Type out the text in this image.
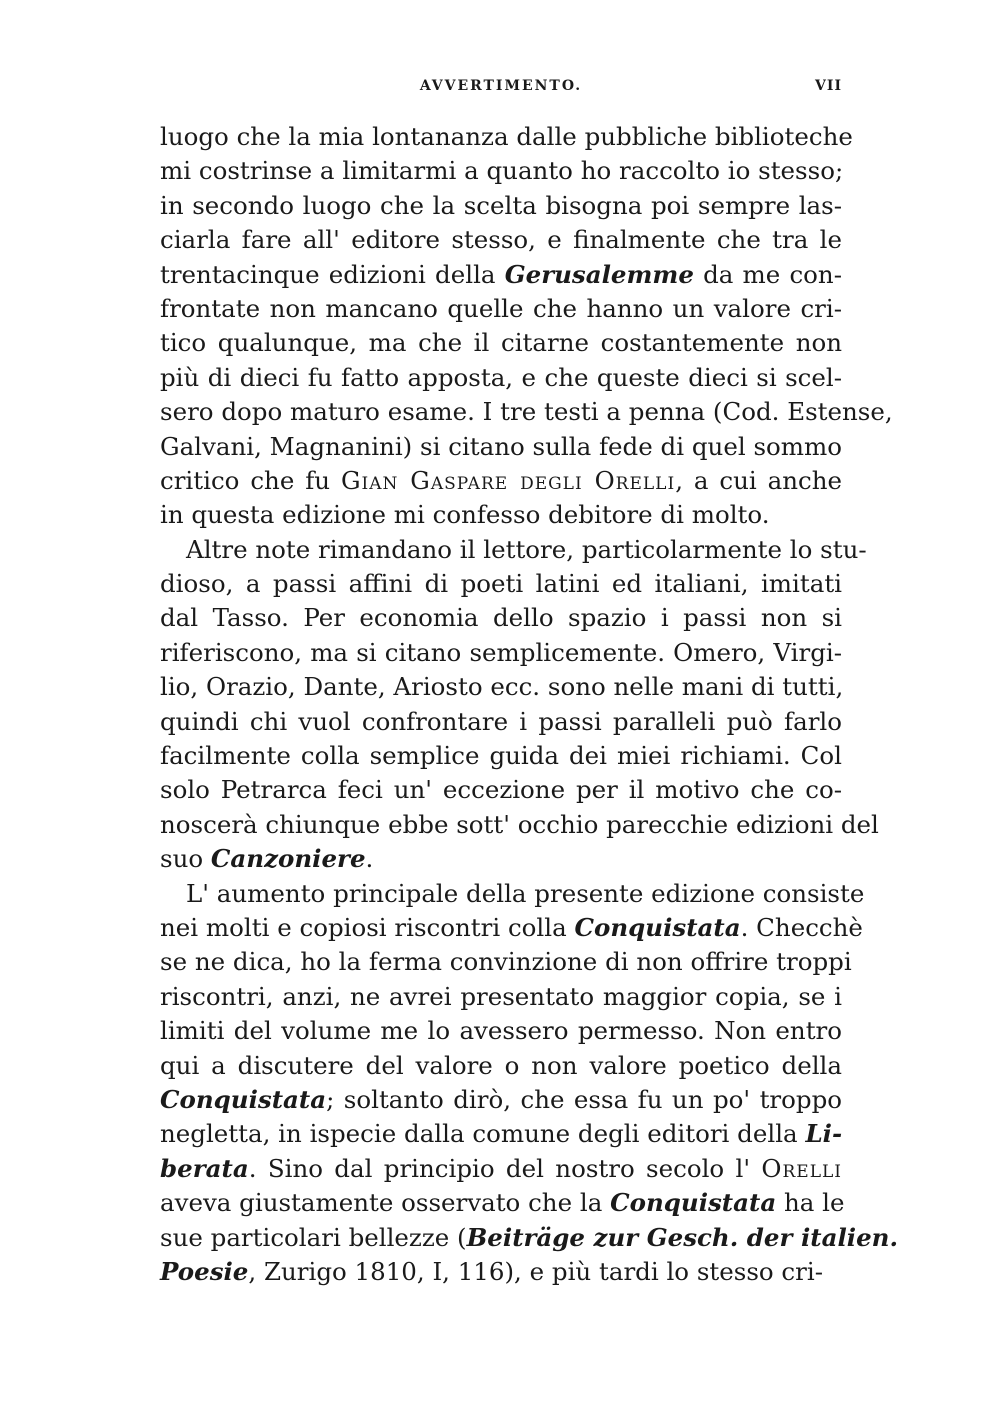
AVVERTIMENTO.	VII
luogo che la mia lontananza dalle pubbliche biblioteche
mi costrinse a limitarmi a quanto ho raccolto io stesso;
in secondo luogo che la scelta bisogna poi sempre las-
ciarla fare all' editore stesso, e finalmente che tra le
trentacinque edizioni della Gerusalemme da me con-
frontate non mancano quelle che hanno un valore cri-
tico qualunque, ma che il citarne costantemente non
più di dieci fu fatto apposta, e che queste dieci si scel-
sero dopo maturo esame. I tre testi a penna (Cod. Estense,
Galvani, Magnanini) si citano sulla fede di quel sommo
critico che fu Gian Gaspare degli Orelli, a cui anche
in questa edizione mi confesso debitore di molto.
Altre note rimandano il lettore, particolarmente lo stu-
dioso, a passi affini di poeti latini ed italiani, imitati
dal Tasso. Per economia dello spazio i passi non si
riferiscono, ma si citano semplicemente. Omero, Virgi-
lio, Orazio, Dante, Ariosto ecc. sono nelle mani di tutti,
quindi chi vuol confrontare i passi paralleli può farlo
facilmente colla semplice guida dei miei richiami. Col
solo Petrarca feci un' eccezione per il motivo che co-
noscerà chiunque ebbe sott' occhio parecchie edizioni del
suo Canzoniere.
L' aumento principale della presente edizione consiste
nei molti e copiosi riscontri colla Conquistata. Checchè
se ne dica, ho la ferma convinzione di non offrire troppi
riscontri, anzi, ne avrei presentato maggior copia, se i
limiti del volume me lo avessero permesso. Non entro
qui a discutere del valore o non valore poetico della
Conquistata; soltanto dirò, che essa fu un po' troppo
negletta, in ispecie dalla comune degli editori della Li-
berata. Sino dal principio del nostro secolo l' Orelli
aveva giustamente osservato che la Conquistata ha le
sue particolari bellezze (Beiträge zur Gesch. der italien.
Poesie, Zurigo 1810, I, 116), e più tardi lo stesso cri-
